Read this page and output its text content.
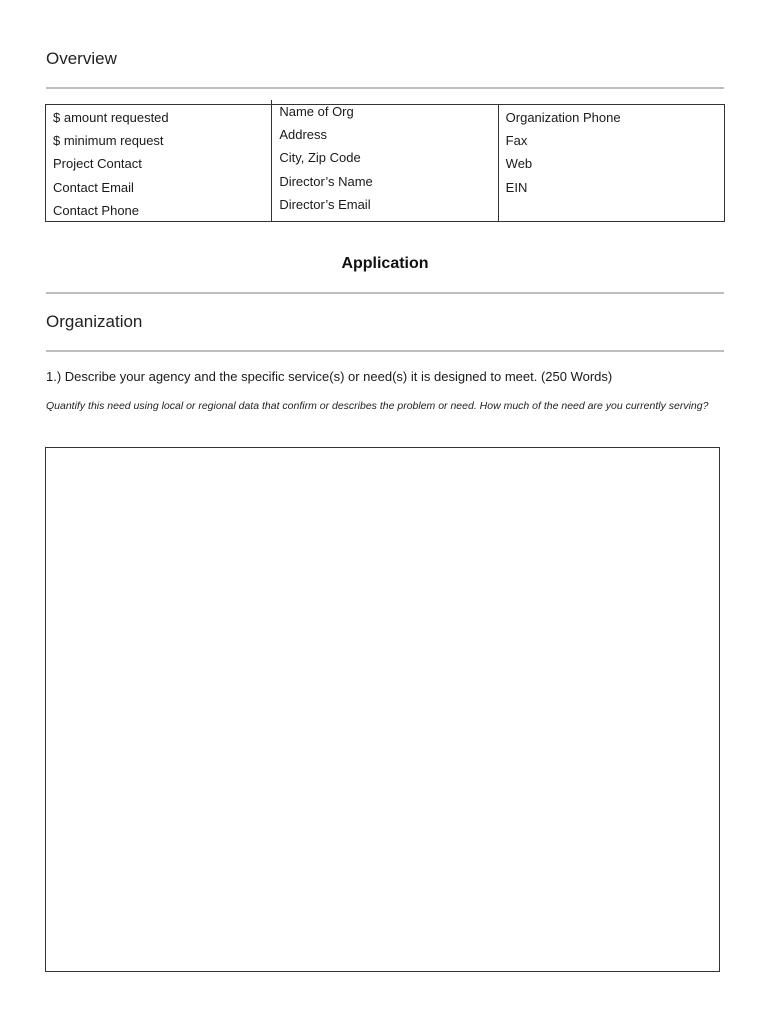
Overview
$ amount requested
$ minimum request
Project Contact
Contact Email
Contact Phone
Name of Org
Address
City, Zip Code
Director’s Name
Director’s Email
Organization Phone
Fax
Web
EIN
Application
Organization

1.) Describe your agency and the specific service(s) or need(s) it is designed to meet. (250 Words)

Quantify this need using local or regional data that confirm or describes the problem or need. How much of the need are you currently serving?
